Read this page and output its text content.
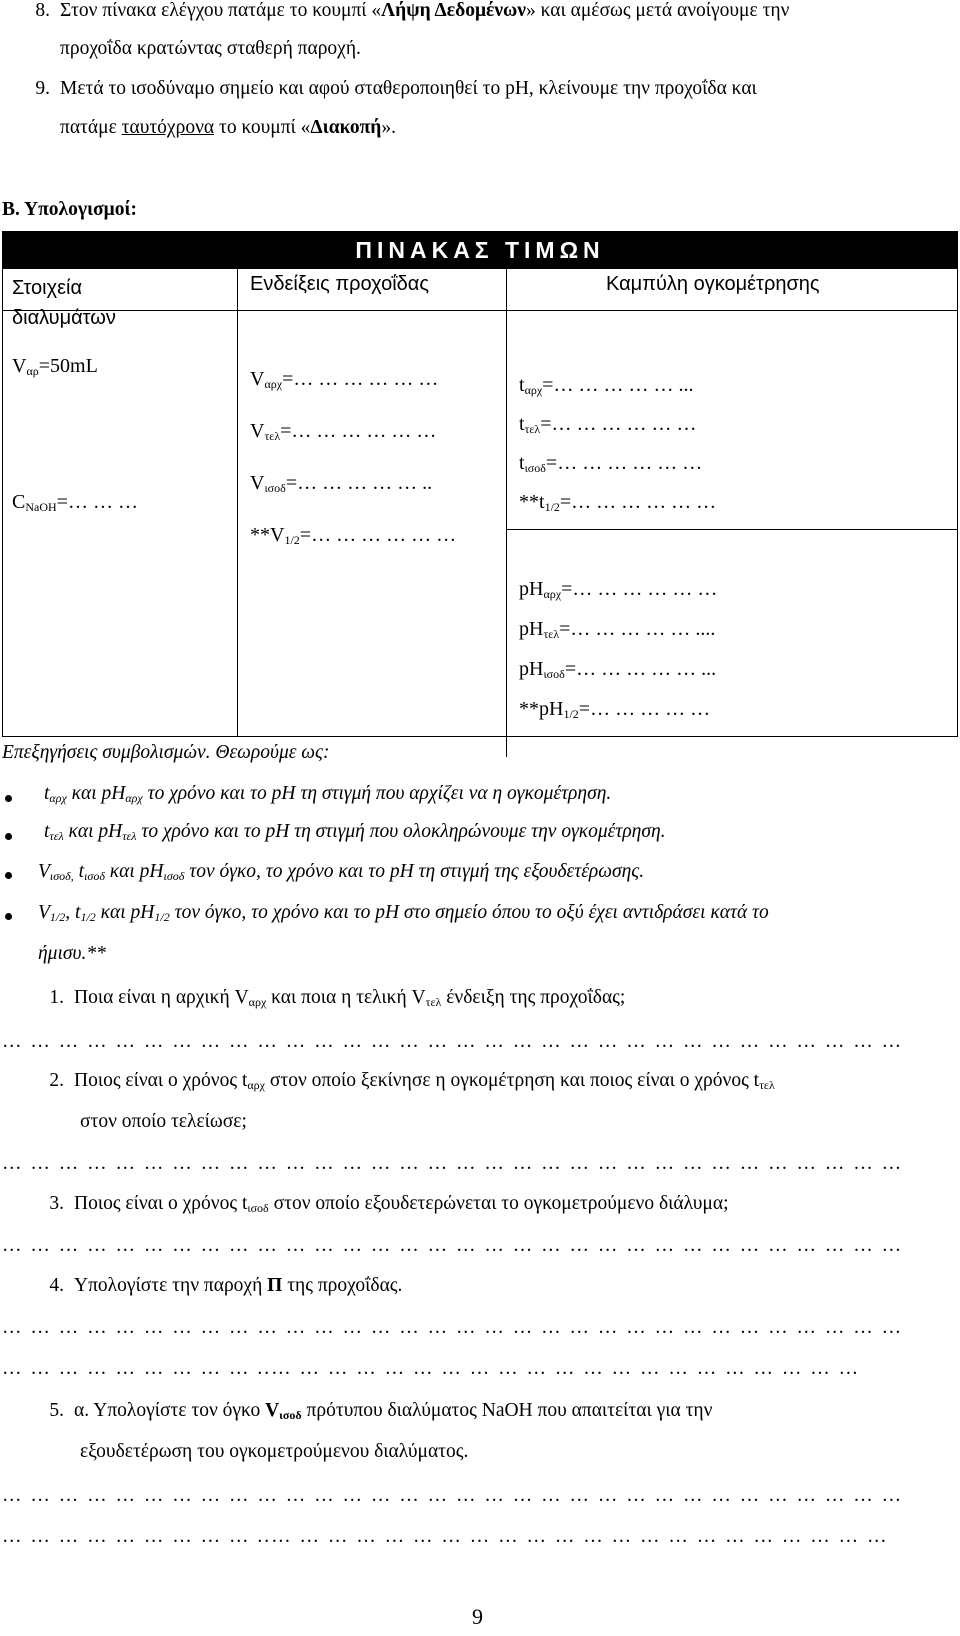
8. Στον πίνακα ελέγχου πατάμε το κουμπί «Λήψη Δεδομένων» και αμέσως μετά ανοίγουμε την
προχοΐδα κρατώντας σταθερή παροχή.
9. Μετά το ισοδύναμο σημείο και αφού σταθεροποιηθεί το pH, κλείνουμε την προχοΐδα και
πατάμε ταυτόχρονα το κουμπί «Διακοπή».
Β. Υπολογισμοί:
ΠΙΝΑΚΑΣ ΤΙΜΩΝ
Στοιχεία
διαλυμάτων
Ενδείξεις προχοΐδας	Καμπύλη ογκομέτρησης
$V_{\alpha\rho}=50mL$
$C_{NaOH}=\dots$ … …
$V_{\alpha\rho\chi}=\dots$ … … … … …
$V_{\tau\varepsilon\lambda}=\dots$ … … … … …
$V_{\iota\sigma o\delta}=\dots$ … … … … ..
$**V_{1/2}=\dots$ … … … … …
$t_{\alpha\rho\chi}=\dots$ … … … … ...
$t_{\tau\varepsilon\lambda}=\dots$ … … … … …
$t_{\iota\sigma o\delta}=\dots$ … … … … …
$**t_{1/2}=\dots$ … … … … …
$pH_{\alpha\rho\chi}=\dots$ … … … … …
$pH_{\tau\varepsilon\lambda}=\dots$ … … … … ....
$pH_{\iota\sigma o\delta}=\dots$ … … … … ...
$**pH_{1/2}=\dots$ … … … …
Επεξηγήσεις συμβολισμών. Θεωρούμε ως:
$t_{\alpha\rho\chi}$ και $pH_{\alpha\rho\chi}$ το χρόνο και το pH τη στιγμή που αρχίζει να η ογκομέτρηση.
$t_{\tau\varepsilon\lambda}$ και $pH_{\tau\varepsilon\lambda}$ το χρόνο και το pH τη στιγμή που ολοκληρώνουμε την ογκομέτρηση.
$V_{\iota\sigma o\delta,}$ $t_{\iota\sigma o\delta}$ και $pH_{\iota\sigma o\delta}$ τον όγκο, το χρόνο και το pH τη στιγμή της εξουδετέρωσης.
$V_{1/2}$, $t_{1/2}$ και $pH_{1/2}$ τον όγκο, το χρόνο και το pH στο σημείο όπου το οξύ έχει αντιδράσει κατά το
ήμισυ.**
1. Ποια είναι η αρχική $V_{\alpha\rho\chi}$ και ποια η τελική $V_{\tau\varepsilon\lambda}$ ένδειξη της προχοΐδας;
… … … … … … … … … … … … … … … … … … … … … … … … … … … … … … … …
2. Ποιος είναι ο χρόνος $t_{\alpha\rho\chi}$ στον οποίο ξεκίνησε η ογκομέτρηση και ποιος είναι ο χρόνος $t_{\tau\varepsilon\lambda}$
στον οποίο τελείωσε;
… … … … … … … … … … … … … … … … … … … … … … … … … … … … … … … …
3. Ποιος είναι ο χρόνος $t_{\iota\sigma o\delta}$ στον οποίο εξουδετερώνεται το ογκομετρούμενο διάλυμα;
… … … … … … … … … … … … … … … … … … … … … … … … … … … … … … … …
4. Υπολογίστε την παροχή Π της προχοΐδας.
… … … … … … … … … … … … … … … … … … … … … … … … … … … … … … … …
… … … … … … … … … ..… … … … … … … … … … … … … … … … … … … … …
5. α. Υπολογίστε τον όγκο $V_{\iota\sigma o\delta}$ πρότυπου διαλύματος NaOH που απαιτείται για την
εξουδετέρωση του ογκομετρούμενου διαλύματος.
… … … … … … … … … … … … … … … … … … … … … … … … … … … … … … … …
… … … … … … … … … ..… … … … … … … … … … … … … … … … … … … … … …
9
